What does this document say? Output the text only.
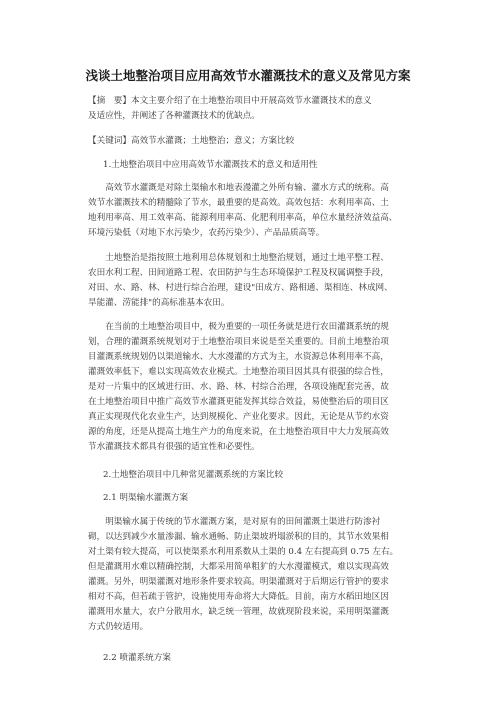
浅谈土地整治项目应用高效节水灌溉技术的意义及常见方案
【摘　要】本文主要介绍了在土地整治项目中开展高效节水灌溉技术的意义
及适应性，并阐述了各种灌溉技术的优缺点。
【关键词】高效节水灌溉；土地整治；意义；方案比较
1.土地整治项目中应用高效节水灌溉技术的意义和适用性
　　高效节水灌溉是对除土渠输水和地表漫灌之外所有输、灌水方式的统称。高
效节水灌溉技术的精髓除了节水，最重要的是高效。高效包括：水利用率高、土
地利用率高、用工效率高、能源利用率高、化肥利用率高，单位水量经济效益高、
环境污染低（对地下水污染少，农药污染少）、产品品质高等。
　　土地整治是指按照土地利用总体规划和土地整治规划，通过土地平整工程、
农田水利工程、田间道路工程、农田防护与生态环境保护工程及权属调整手段，
对田、水、路、林、村进行综合治理，建设"田成方、路相通、渠相连、林成网、
旱能灌、涝能排"的高标准基本农田。
　　在当前的土地整治项目中，极为重要的一项任务就是进行农田灌溉系统的规
划，合理的灌溉系统规划对于土地整治项目来说是至关重要的。目前土地整治项
目灌溉系统规划仍以渠道输水、大水漫灌的方式为主，水资源总体利用率不高，
灌溉效率低下，难以实现高效农业模式。土地整治项目因其具有很强的综合性，
是对一片集中的区域进行田、水、路、林、村综合治理，各项设施配套完善，故
在土地整治项目中推广高效节水灌溉更能发挥其综合效益，易使整治后的项目区
真正实现现代化农业生产，达到规模化、产业化要求。因此，无论是从节约水资
源的角度，还是从提高土地生产力的角度来说，在土地整治项目中大力发展高效
节水灌溉技术都具有很强的适宜性和必要性。
2.土地整治项目中几种常见灌溉系统的方案比较
2.1 明渠输水灌溉方案
　　明渠输水属于传统的节水灌溉方案，是对原有的田间灌溉土渠进行防渗衬
砌，以达到减少水量渗漏、输水通畅、防止渠坡坍塌淤积的目的，其节水效果相
对土渠有较大提高，可以使渠系水利用系数从土渠的 0.4 左右提高到 0.75 左右。
但是灌溉用水难以精确控制，大都采用简单粗犷的大水漫灌模式，难以实现高效
灌溉。另外，明渠灌溉对地形条件要求较高。明渠灌溉对于后期运行管护的要求
相对不高，但若疏于管护，设施使用寿命将大大降低。目前，南方水稻田地区因
灌溉用水量大，农户分散用水，缺乏统一管理，故就现阶段来说，采用明渠灌溉
方式仍较适用。
2.2 喷灌系统方案
